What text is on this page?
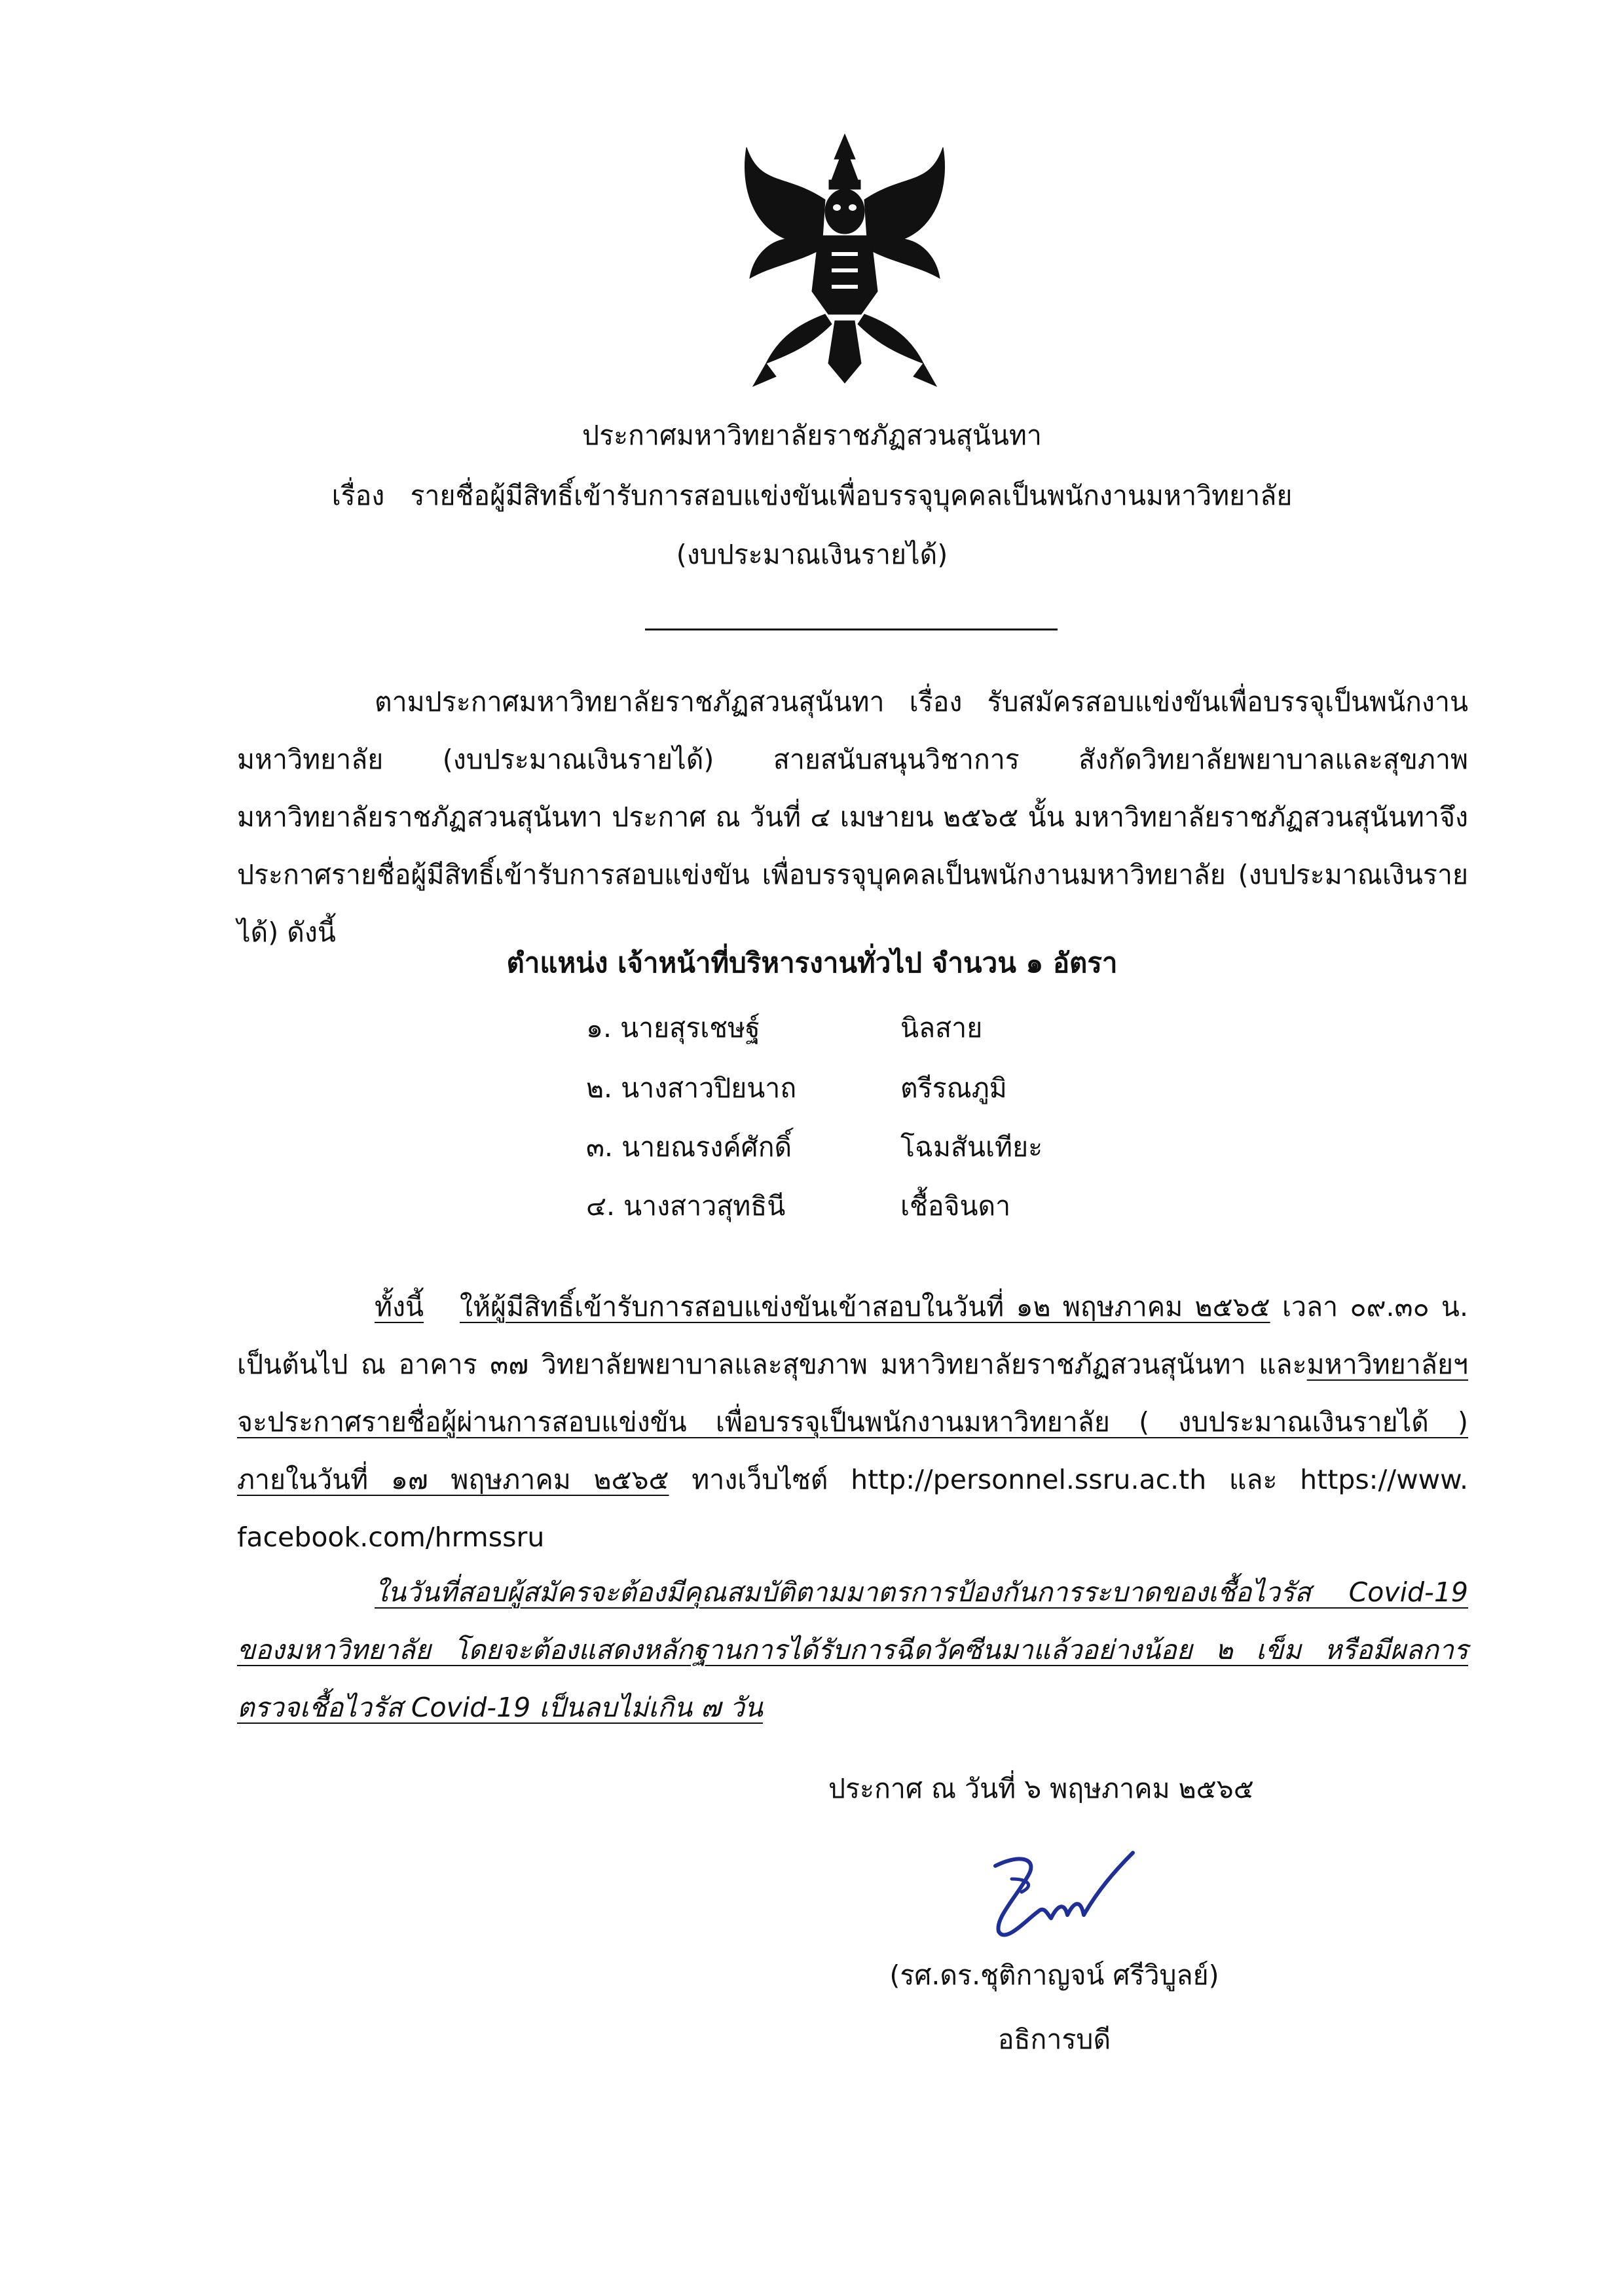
ประกาศมหาวิทยาลัยราชภัฏสวนสุนันทา
เรื่อง รายชื่อผู้มีสิทธิ์เข้ารับการสอบแข่งขันเพื่อบรรจุบุคคลเป็นพนักงานมหาวิทยาลัย
(งบประมาณเงินรายได้)

ตามประกาศมหาวิทยาลัยราชภัฏสวนสุนันทา เรื่อง รับสมัครสอบแข่งขันเพื่อบรรจุเป็นพนักงานมหาวิทยาลัย (งบประมาณเงินรายได้) สายสนับสนุนวิชาการ สังกัดวิทยาลัยพยาบาลและสุขภาพ มหาวิทยาลัยราชภัฏสวนสุนันทา ประกาศ ณ วันที่ ๔ เมษายน ๒๕๖๕ นั้น มหาวิทยาลัยราชภัฏสวนสุนันทาจึงประกาศรายชื่อผู้มีสิทธิ์เข้ารับการสอบแข่งขัน เพื่อบรรจุบุคคลเป็นพนักงานมหาวิทยาลัย (งบประมาณเงินรายได้) ดังนี้

ตำแหน่ง เจ้าหน้าที่บริหารงานทั่วไป จำนวน ๑ อัตรา
๑. นายสุรเชษฐ์	นิลสาย
๒. นางสาวปิยนาถ	ตรีรณภูมิ
๓. นายณรงค์ศักดิ์	โฉมสันเทียะ
๔. นางสาวสุทธินี	เชื้อจินดา

ทั้งนี้ ให้ผู้มีสิทธิ์เข้ารับการสอบแข่งขันเข้าสอบในวันที่ ๑๒ พฤษภาคม ๒๕๖๕ เวลา ๐๙.๓๐ น. เป็นต้นไป ณ อาคาร ๓๗ วิทยาลัยพยาบาลและสุขภาพ มหาวิทยาลัยราชภัฏสวนสุนันทา และมหาวิทยาลัยฯ จะประกาศรายชื่อผู้ผ่านการสอบแข่งขัน เพื่อบรรจุเป็นพนักงานมหาวิทยาลัย ( งบประมาณเงินรายได้ ) ภายในวันที่ ๑๗ พฤษภาคม ๒๕๖๕ ทางเว็บไซต์ http://personnel.ssru.ac.th และ https://www. facebook.com/hrmssru

ในวันที่สอบผู้สมัครจะต้องมีคุณสมบัติตามมาตรการป้องกันการระบาดของเชื้อไวรัส Covid-19 ของมหาวิทยาลัย โดยจะต้องแสดงหลักฐานการได้รับการฉีดวัคซีนมาแล้วอย่างน้อย ๒ เข็ม หรือมีผลการตรวจเชื้อไวรัส Covid-19 เป็นลบไม่เกิน ๗ วัน

ประกาศ ณ วันที่ ๖ พฤษภาคม ๒๕๖๕
(รศ.ดร.ชุติกาญจน์ ศรีวิบูลย์)
อธิการบดี
